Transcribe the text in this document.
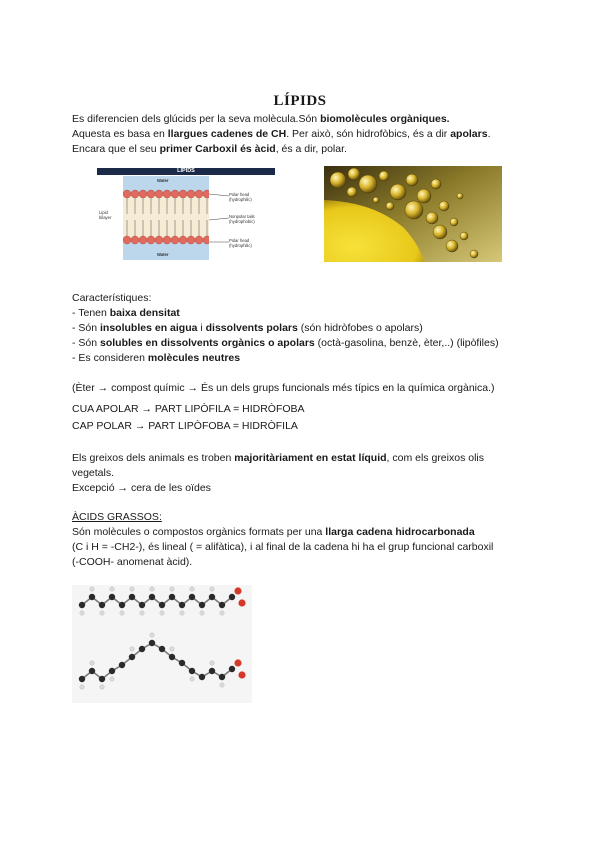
LÍPIDS

Es diferencien dels glúcids per la seva molècula.Són biomolècules orgàniques.

Aquesta es basa en llargues cadenes de CH. Per això, són hidrofòbics, és a dir apolars.

Encara que el seu primer Carboxil és àcid, és a dir, polar.

LÍPIDS
Water
Water
Lipid bilayer
Polar head (hydrophilic)
Nonpolar tails (hydrophobic)
Polar head (hydrophilic)

Característiques:

- Tenen baixa densitat

- Són insolubles en aigua i dissolvents polars (són hidròfobes o apolars)

- Són solubles en dissolvents orgànics o apolars (octà-gasolina, benzè, èter,..) (lipòfiles)

- Es consideren molècules neutres

(Èter → compost químic → És un dels grups funcionals més típics en la química orgànica.)

CUA APOLAR → PART LIPÒFILA = HIDRÒFOBA

CAP POLAR → PART LIPÒFOBA = HIDRÒFILA

Els greixos dels animals es troben majoritàriament en estat líquid, com els greixos olis

vegetals.

Excepció → cera de les oïdes

ÀCIDS GRASSOS:

Són molècules o compostos orgànics formats per una llarga cadena hidrocarbonada

(C i H = -CH2-), és lineal ( = alifàtica), i al final de la cadena hi ha el grup funcional carboxil

(-COOH- anomenat àcid).
